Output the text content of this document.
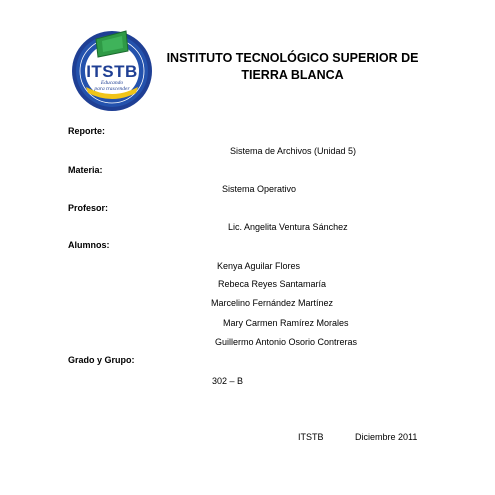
ITSTB
Educando
para trascender
INSTITUTO TECNOLÓGICO SUPERIOR DE
TIERRA BLANCA
Reporte:
Sistema de Archivos (Unidad 5)
Materia:
Sistema Operativo
Profesor:
Lic. Angelita Ventura Sánchez
Alumnos:
Kenya Aguilar Flores
Rebeca Reyes Santamaría
Marcelino Fernández Martínez
Mary Carmen Ramírez Morales
Guillermo Antonio Osorio Contreras
Grado y Grupo:
302 – B
ITSTB	Diciembre 2011
